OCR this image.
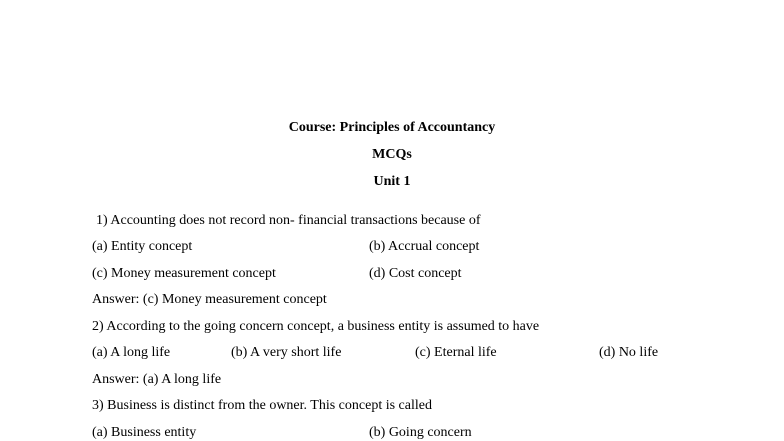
Course: Principles of Accountancy
MCQs
Unit 1
1) Accounting does not record non- financial transactions because of
(a) Entity concept	(b) Accrual concept
(c) Money measurement concept	(d) Cost concept
Answer: (c) Money measurement concept
2) According to the going concern concept, a business entity is assumed to have
(a) A long life	(b) A very short life	(c) Eternal life	(d) No life
Answer: (a) A long life
3) Business is distinct from the owner. This concept is called
(a) Business entity	(b) Going concern
